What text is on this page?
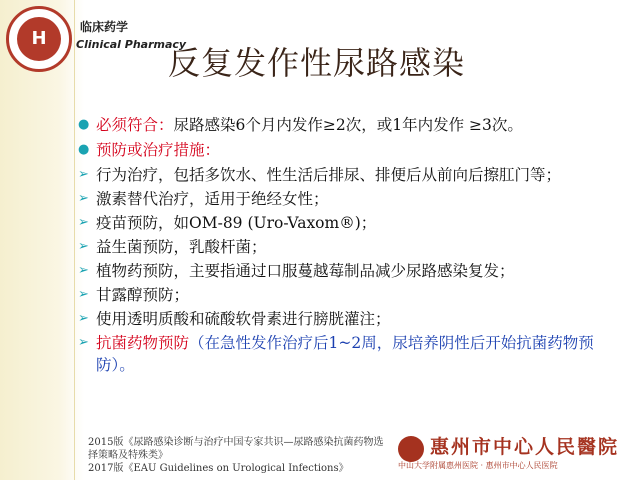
H
临床药学
Clinical Pharmacy
反复发作性尿路感染
● 必须符合：尿路感染6个月内发作≥2次，或1年内发作 ≥3次。
● 预防或治疗措施：
➢ 行为治疗，包括多饮水、性生活后排尿、排便后从前向后擦肛门等；
➢ 激素替代治疗，适用于绝经女性；
➢ 疫苗预防，如OM-89 (Uro-Vaxom®)；
➢ 益生菌预防，乳酸杆菌；
➢ 植物药预防，主要指通过口服蔓越莓制品减少尿路感染复发；
➢ 甘露醇预防；
➢ 使用透明质酸和硫酸软骨素进行膀胱灌注；
➢ 抗菌药物预防（在急性发作治疗后1~2周，尿培养阴性后开始抗菌药物预防）。
2015版《尿路感染诊断与治疗中国专家共识—尿路感染抗菌药物选择策略及特殊类》
2017版《EAU Guidelines on Urological Infections》
惠州市中心人民醫院
中山大学附属惠州医院 · 惠州市中心人民医院
